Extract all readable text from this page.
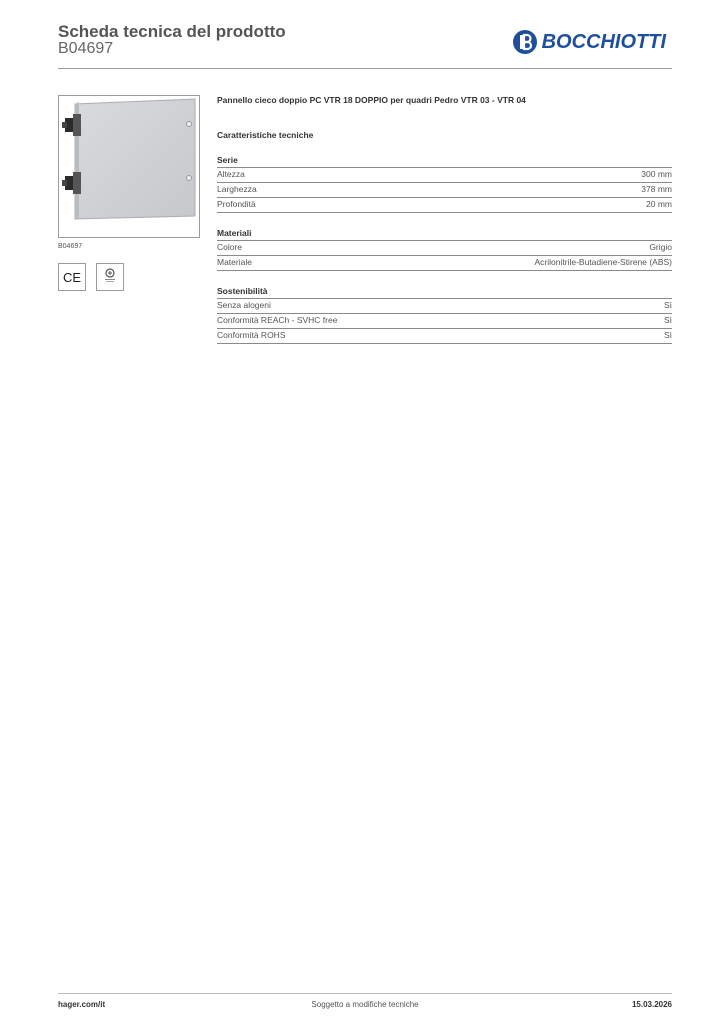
Scheda tecnica del prodotto
B04697	BOCCHIOTTI
B04697
CE

Pannello cieco doppio PC VTR 18 DOPPIO per quadri Pedro VTR 03 - VTR 04

Caratteristiche tecniche
Serie
Altezza	300 mm
Larghezza	378 mm
Profondità	20 mm
Materiali
Colore	Grigio
Materiale	Acrilonitrile-Butadiene-Stirene (ABS)
Sostenibilità
Senza alogeni	Sì
Conformità REACh - SVHC free	Sì
Conformità ROHS	Sì
hager.com/it	Soggetto a modifiche tecniche	15.03.2026
